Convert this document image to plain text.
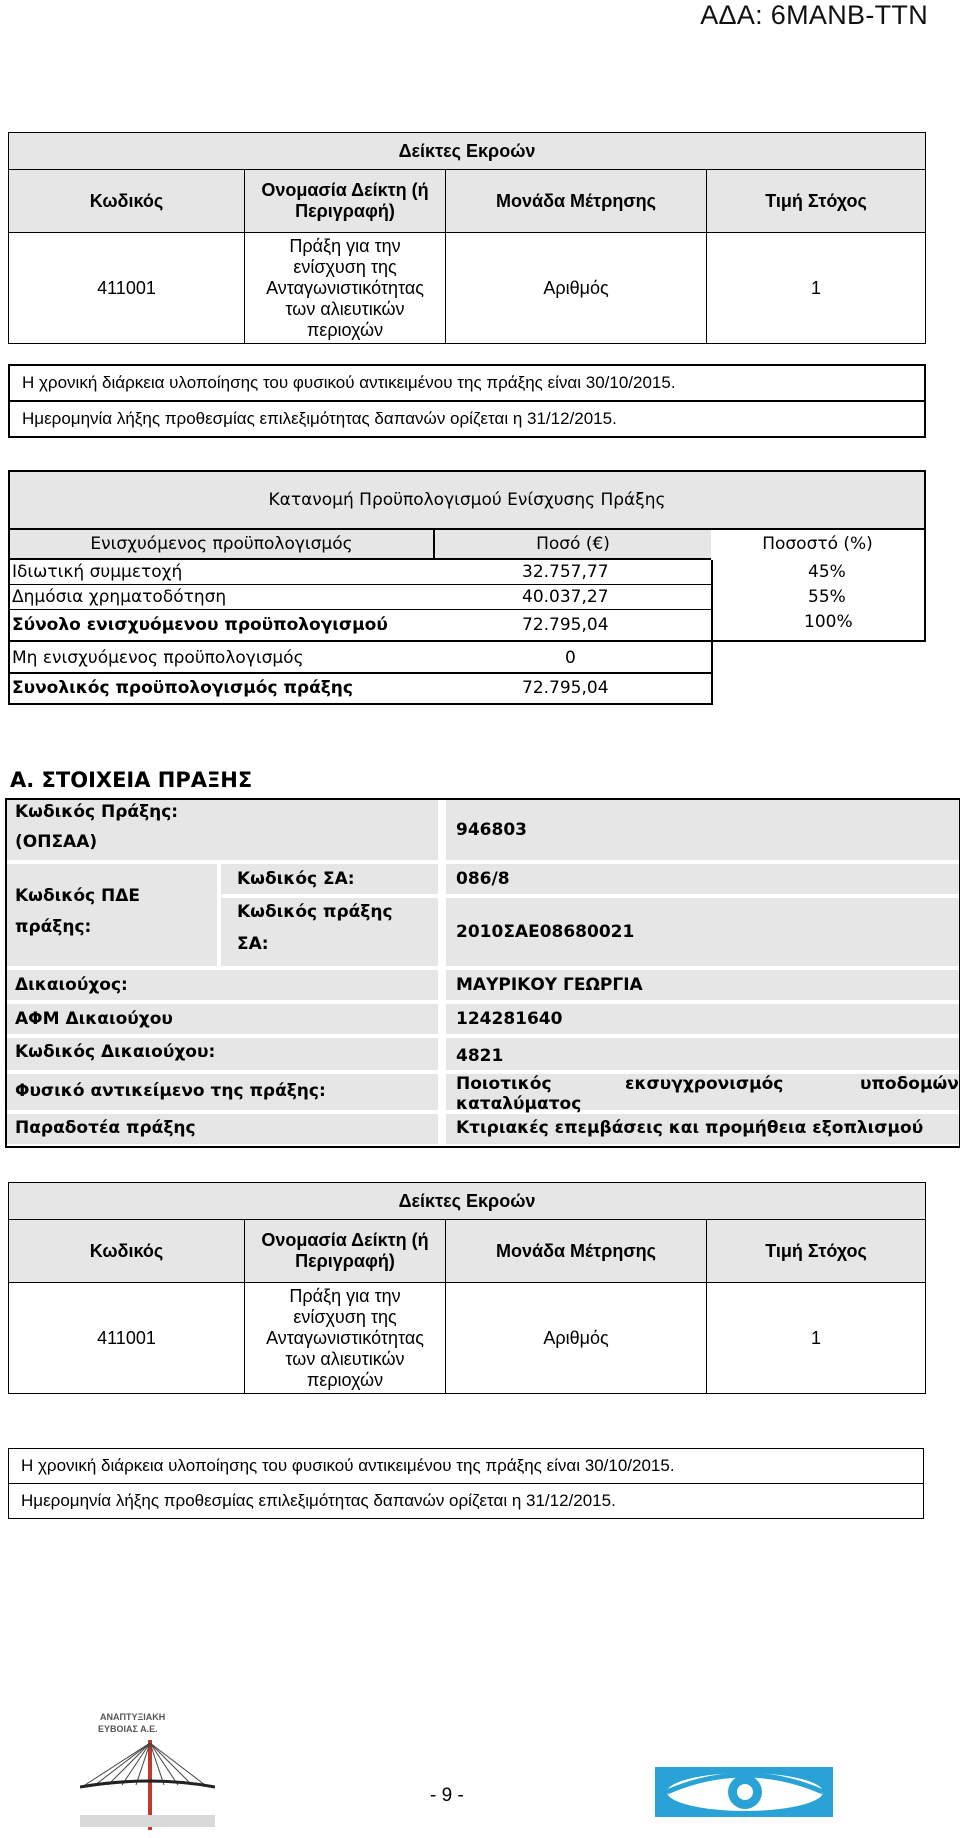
ΑΔΑ: 6ΜΑΝΒ-ΤΤΝ
Δείκτες Εκροών			
Κωδικός	Ονομασία Δείκτη (ή Περιγραφή)	Μονάδα Μέτρησης	Τιμή Στόχος
411001	Πράξη για την ενίσχυση της Ανταγωνιστικότητας των αλιευτικών περιοχών	Αριθμός	1
Η χρονική διάρκεια υλοποίησης του φυσικού αντικειμένου της πράξης είναι 30/10/2015.
Ημερομηνία λήξης προθεσμίας επιλεξιμότητας δαπανών ορίζεται η 31/12/2015.
Κατανομή Προϋπολογισμού Ενίσχυσης Πράξης
Ενισχυόμενος προϋπολογισμός	Ποσό (€)	Ποσοστό (%)
Ιδιωτική συμμετοχή	32.757,77	45%
Δημόσια χρηματοδότηση	40.037,27	55%
Σύνολο ενισχυόμενου προϋπολογισμού	72.795,04	100%
Μη ενισχυόμενος προϋπολογισμός	0
Συνολικός προϋπολογισμός πράξης	72.795,04
Α. ΣΤΟΙΧΕΙΑ ΠΡΑΞΗΣ
Κωδικός Πράξης:
(ΟΠΣΑΑ)
946803
Κωδικός ΠΔΕ
πράξης:
Κωδικός ΣΑ:	086/8
Κωδικός πράξης
ΣΑ:
2010ΣΑΕ08680021
Δικαιούχος:	ΜΑΥΡΙΚΟΥ ΓΕΩΡΓΙΑ
ΑΦΜ Δικαιούχου	124281640
Κωδικός Δικαιούχου:	4821
Φυσικό αντικείμενο της πράξης:	Ποιοτικός	εκσυγχρονισμός	υποδομών
καταλύματος
Παραδοτέα πράξης	Κτιριακές επεμβάσεις και προμήθεια εξοπλισμού
Δείκτες Εκροών			
Κωδικός	Ονομασία Δείκτη (ή Περιγραφή)	Μονάδα Μέτρησης	Τιμή Στόχος
411001	Πράξη για την ενίσχυση της Ανταγωνιστικότητας των αλιευτικών περιοχών	Αριθμός	1
Η χρονική διάρκεια υλοποίησης του φυσικού αντικειμένου της πράξης είναι 30/10/2015.
Ημερομηνία λήξης προθεσμίας επιλεξιμότητας δαπανών ορίζεται η 31/12/2015.
ΑΝΑΠΤΥΞΙΑΚΗ
ΕΥΒΟΙΑΣ Α.Ε.
- 9 -
